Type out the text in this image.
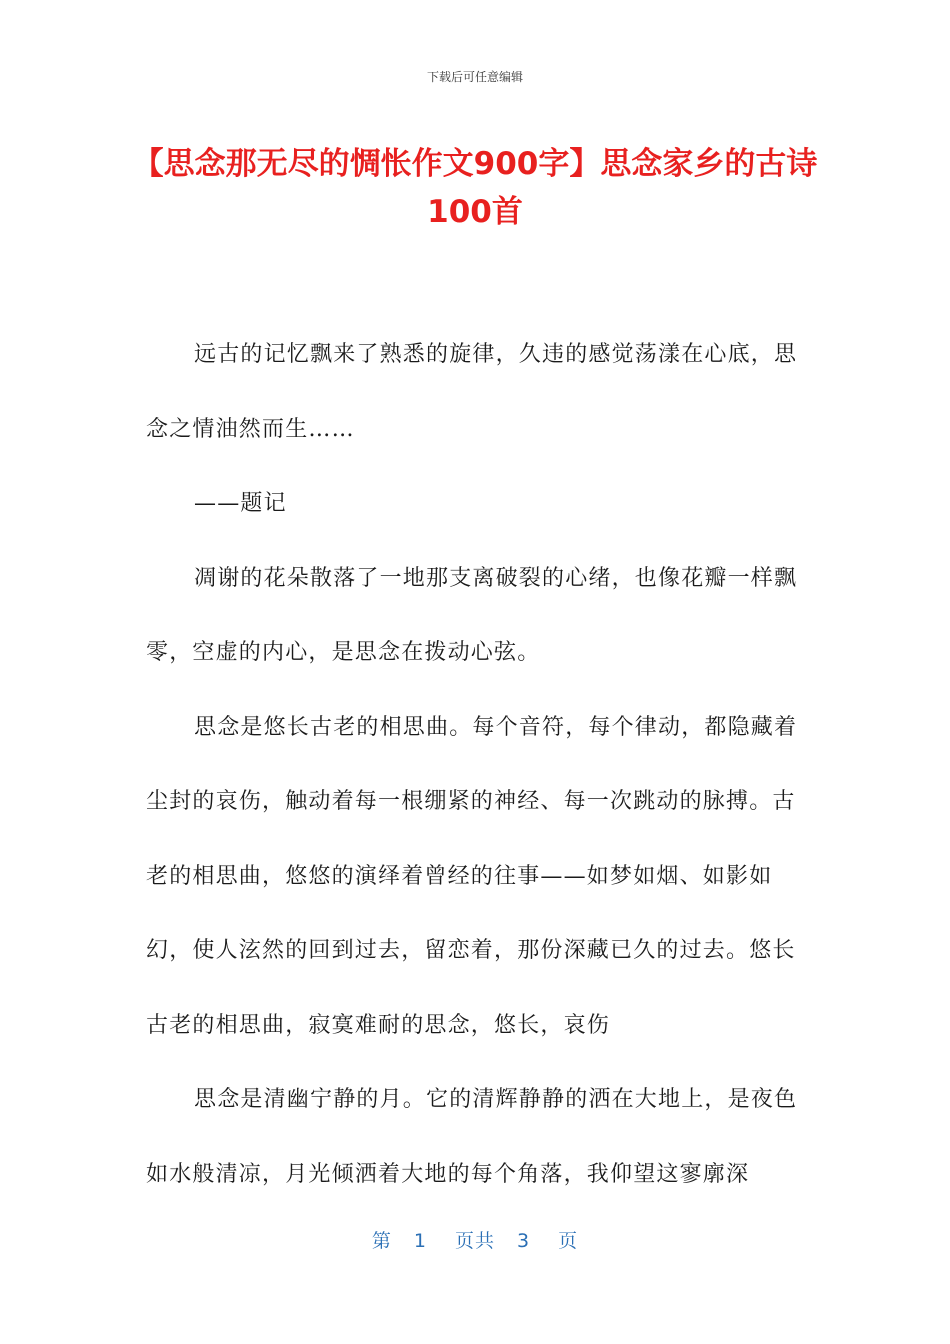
下载后可任意编辑
【思念那无尽的惆怅作文900字】思念家乡的古诗100首

远古的记忆飘来了熟悉的旋律，久违的感觉荡漾在心底，思念之情油然而生……

——题记

凋谢的花朵散落了一地那支离破裂的心绪，也像花瓣一样飘零，空虚的内心，是思念在拨动心弦。

思念是悠长古老的相思曲。每个音符，每个律动，都隐藏着尘封的哀伤，触动着每一根绷紧的神经、每一次跳动的脉搏。古老的相思曲，悠悠的演绎着曾经的往事——如梦如烟、如影如幻，使人泫然的回到过去，留恋着，那份深藏已久的过去。悠长古老的相思曲，寂寞难耐的思念，悠长，哀伤

思念是清幽宁静的月。它的清辉静静的洒在大地上，是夜色如水般清凉，月光倾洒着大地的每个角落，我仰望这寥廓深

第 1 页共 3 页
